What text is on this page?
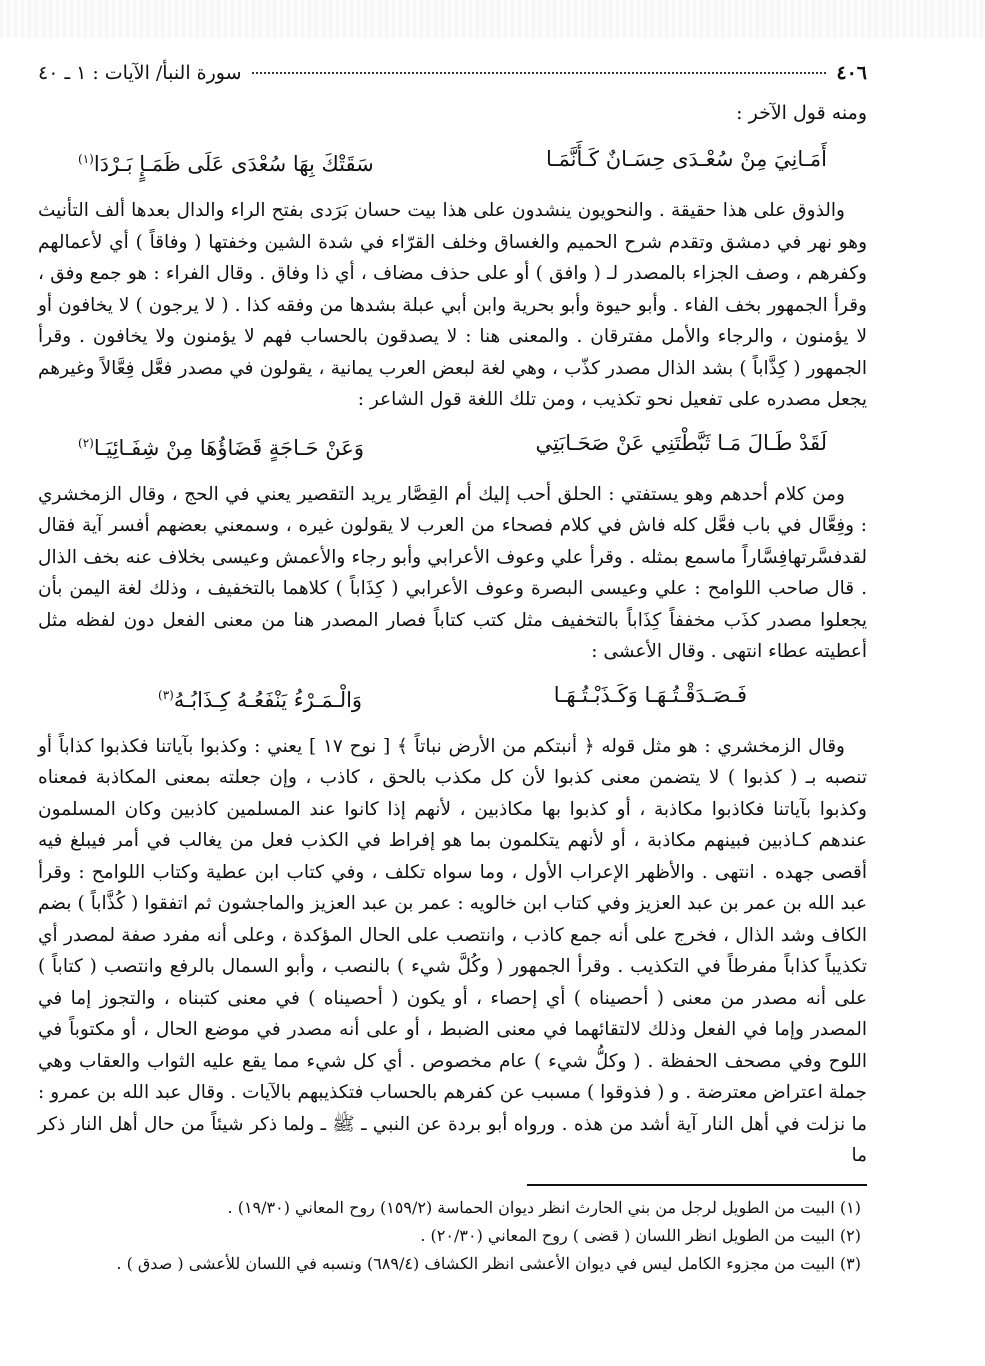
٤٠٦
سورة النبأ/ الآيات : ١ ـ ٤٠

ومنه قول الآخر :

أَمَـانِيَ مِنْ سُعْـدَى حِسَـانٌ كَـأَنَّمَـا
سَقَتْكَ بِهَا سُعْدَى عَلَى ظَمَـإٍ بَـرْدَا$^{(١)}$

والذوق على هذا حقيقة . والنحويون ينشدون على هذا بيت حسان بَرَدى بفتح الراء والدال بعدها ألف التأنيث وهو نهر في دمشق وتقدم شرح الحميم والغساق وخلف القرّاء في شدة الشين وخفتها ( وفاقاً ) أي لأعمالهم وكفرهم ، وصف الجزاء بالمصدر لـ ( وافق ) أو على حذف مضاف ، أي ذا وفاق . وقال الفراء : هو جمع وفق ، وقرأ الجمهور بخف الفاء . وأبو حيوة وأبو بحرية وابن أبي عبلة بشدها من وفقه كذا . ( لا يرجون ) لا يخافون أو لا يؤمنون ، والرجاء والأمل مفترقان . والمعنى هنا : لا يصدقون بالحساب فهم لا يؤمنون ولا يخافون . وقرأ الجمهور ( كِذَّاباً ) بشد الذال مصدر كذّب ، وهي لغة لبعض العرب يمانية ، يقولون في مصدر فعَّل فِعَّالاً وغيرهم يجعل مصدره على تفعيل نحو تكذيب ، ومن تلك اللغة قول الشاعر :

لَقَدْ طَـالَ مَـا ثَبَّطْتَنِي عَنْ صَحَـابَتِي
وَعَنْ حَـاجَةٍ قَضَاؤُهَا مِنْ شِفَـائِيَـا$^{(٢)}$

ومن كلام أحدهم وهو يستفتي : الحلق أحب إليك أم القِصَّار يريد التقصير يعني في الحج ، وقال الزمخشري : وفِعَّال في باب فعَّل كله فاش في كلام فصحاء من العرب لا يقولون غيره ، وسمعني بعضهم أفسر آية فقال لقدفسَّرتهافِسَّاراً ماسمع بمثله . وقرأ علي وعوف الأعرابي وأبو رجاء والأعمش وعيسى بخلاف عنه بخف الذال . قال صاحب اللوامح : علي وعيسى البصرة وعوف الأعرابي ( كِذَاباً ) كلاهما بالتخفيف ، وذلك لغة اليمن بأن يجعلوا مصدر كذَب مخففاً كِذَاباً بالتخفيف مثل كتب كتاباً فصار المصدر هنا من معنى الفعل دون لفظه مثل أعطيته عطاء انتهى . وقال الأعشى :

فَـصَـدَقْـتُـهَـا وَكَـذَبْـتُـهَـا
وَالْـمَـرْءُ يَنْفَعُـهُ كِـذَابُـهُ$^{(٣)}$

وقال الزمخشري : هو مثل قوله ﴿ أنبتكم من الأرض نباتاً ﴾ [ نوح ١٧ ] يعني : وكذبوا بآياتنا فكذبوا كذاباً أو تنصبه بـ ( كذبوا ) لا يتضمن معنى كذبوا لأن كل مكذب بالحق ، كاذب ، وإن جعلته بمعنى المكاذبة فمعناه وكذبوا بآياتنا فكاذبوا مكاذبة ، أو كذبوا بها مكاذبين ، لأنهم إذا كانوا عند المسلمين كاذبين وكان المسلمون عندهم كـاذبين فبينهم مكاذبة ، أو لأنهم يتكلمون بما هو إفراط في الكذب فعل من يغالب في أمر فيبلغ فيه أقصى جهده . انتهى . والأظهر الإعراب الأول ، وما سواه تكلف ، وفي كتاب ابن عطية وكتاب اللوامح : وقرأ عبد الله بن عمر بن عبد العزيز وفي كتاب ابن خالويه : عمر بن عبد العزيز والماجشون ثم اتفقوا ( كُذَّاباً ) بضم الكاف وشد الذال ، فخرج على أنه جمع كاذب ، وانتصب على الحال المؤكدة ، وعلى أنه مفرد صفة لمصدر أي تكذيباً كذاباً مفرطاً في التكذيب . وقرأ الجمهور ( وكُلَّ شيء ) بالنصب ، وأبو السمال بالرفع وانتصب ( كتاباً ) على أنه مصدر من معنى ( أحصيناه ) أي إحصاء ، أو يكون ( أحصيناه ) في معنى كتبناه ، والتجوز إما في المصدر وإما في الفعل وذلك لالتقائهما في معنى الضبط ، أو على أنه مصدر في موضع الحال ، أو مكتوباً في اللوح وفي مصحف الحفظة . ( وكلُّ شيء ) عام مخصوص . أي كل شيء مما يقع عليه الثواب والعقاب وهي جملة اعتراض معترضة . و ( فذوقوا ) مسبب عن كفرهم بالحساب فتكذيبهم بالآيات . وقال عبد الله بن عمرو : ما نزلت في أهل النار آية أشد من هذه . ورواه أبو بردة عن النبي ـ ﷺ ـ ولما ذكر شيئاً من حال أهل النار ذكر ما

(١) البيت من الطويل لرجل من بني الحارث انظر ديوان الحماسة (١٥٩/٢) روح المعاني (١٩/٣٠) .

(٢) البيت من الطويل انظر اللسان ( قضى ) روح المعاني (٢٠/٣٠) .

(٣) البيت من مجزوء الكامل ليس في ديوان الأعشى انظر الكشاف (٦٨٩/٤) ونسبه في اللسان للأعشى ( صدق ) .
